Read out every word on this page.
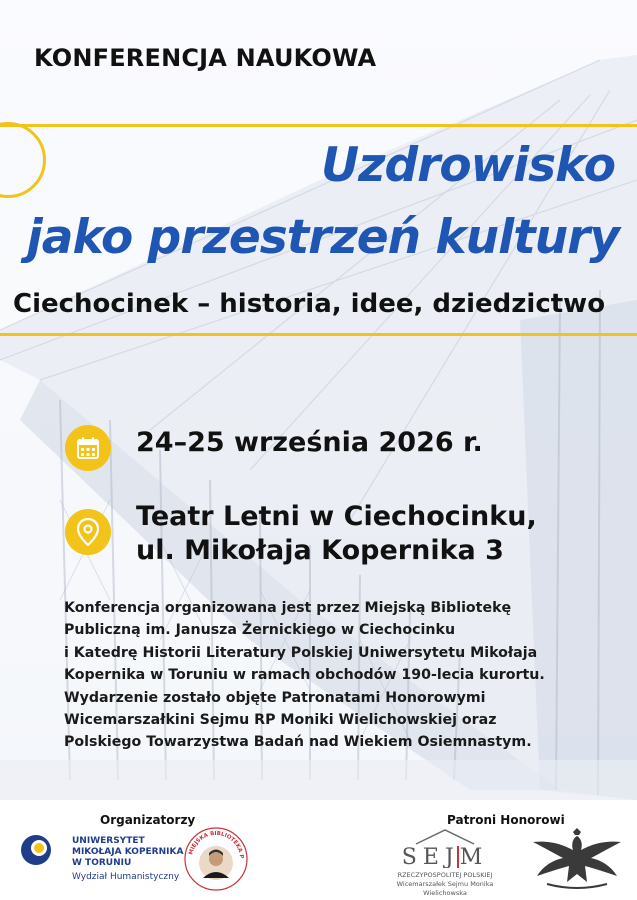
KONFERENCJA NAUKOWA
Uzdrowisko
jako przestrzeń kultury
Ciechocinek – historia, idee, dziedzictwo
24–25 września 2026 r.
Teatr Letni w Ciechocinku,
ul. Mikołaja Kopernika 3
Konferencja organizowana jest przez Miejską Bibliotekę
Publiczną im. Janusza Żernickiego w Ciechocinku
i Katedrę Historii Literatury Polskiej Uniwersytetu Mikołaja
Kopernika w Toruniu w ramach obchodów 190-lecia kurortu.
Wydarzenie zostało objęte Patronatami Honorowymi
Wicemarszałkini Sejmu RP Moniki Wielichowskiej oraz
Polskiego Towarzystwa Badań nad Wiekiem Osiemnastym.
Organizatorzy	Patroni Honorowi
UNIWERSYTET
MIKOŁAJA KOPERNIKA
W TORUNIU
Wydział Humanistyczny
MIEJSKA BIBLIOTEKA P	SEJM
RZECZYPOSPOLITEJ POLSKIEJ
Wicemarszałek Sejmu Monika Wielichowska
